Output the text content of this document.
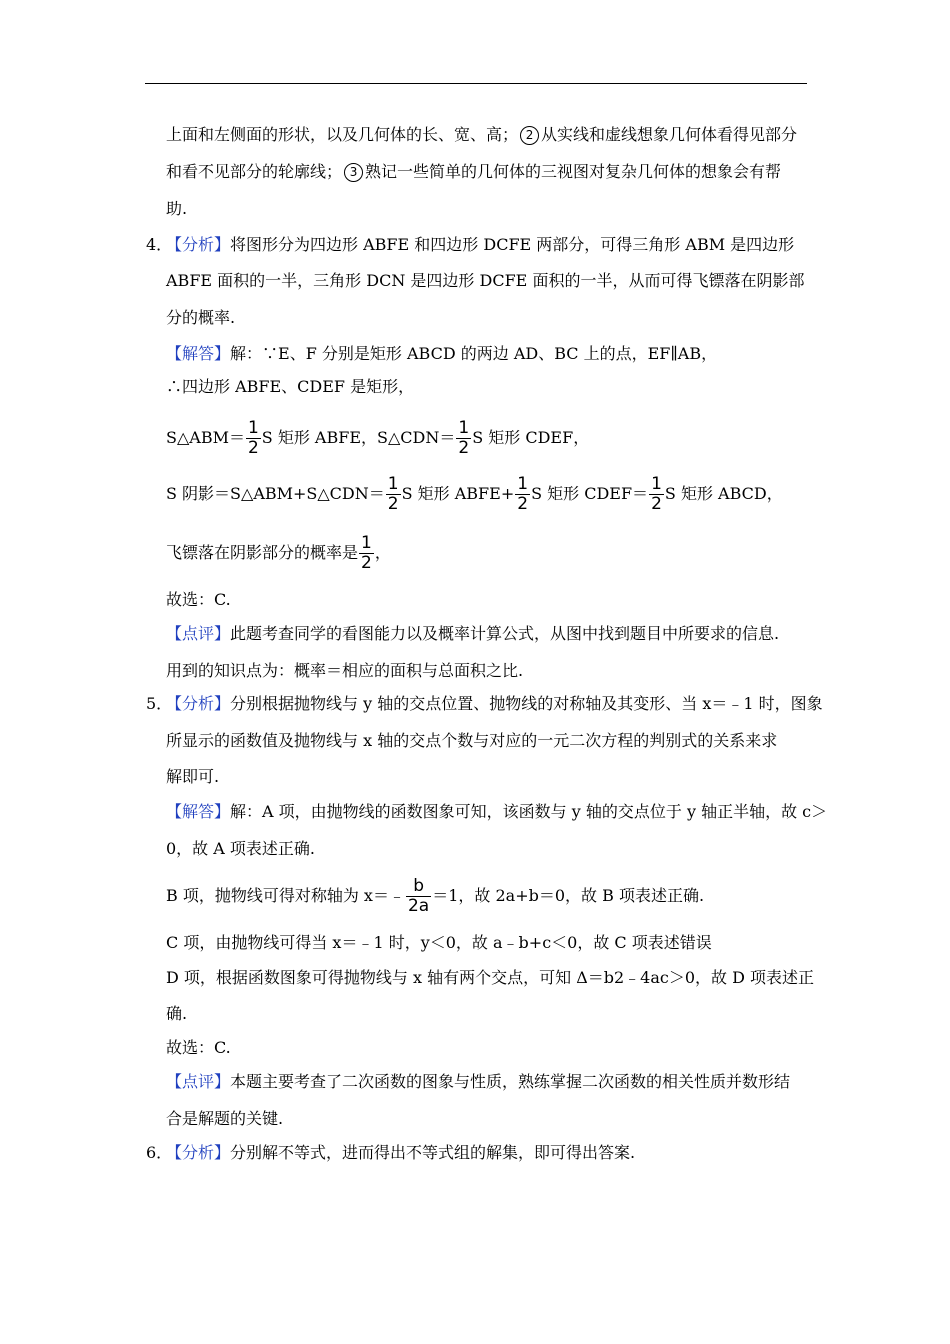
上面和左侧面的形状，以及几何体的长、宽、高； 2 从实线和虚线想象几何体看得见部分
和看不见部分的轮廓线； 3 熟记一些简单的几何体的三视图对复杂几何体的想象会有帮
助.
4．
【分析】将图形分为四边形 ABFE 和四边形 DCFE 两部分，可得三角形 ABM 是四边形
ABFE 面积的一半，三角形 DCN 是四边形 DCFE 面积的一半，从而可得飞镖落在阴影部
分的概率.
【解答】解：∵E、F 分别是矩形 ABCD 的两边 AD、BC 上的点，EF∥AB，
∴四边形 ABFE、CDEF 是矩形，
S△ABM＝ $\frac{1}{2}$ S 矩形 ABFE，S△CDN＝ $\frac{1}{2}$ S 矩形 CDEF，
S 阴影＝S△ABM+S△CDN＝ $\frac{1}{2}$ S 矩形 ABFE+ $\frac{1}{2}$ S 矩形 CDEF＝ $\frac{1}{2}$ S 矩形 ABCD，
飞镖落在阴影部分的概率是 $\frac{1}{2}$ ，
故选：C.
【点评】此题考查同学的看图能力以及概率计算公式，从图中找到题目中所要求的信息.
用到的知识点为：概率＝相应的面积与总面积之比.
5．
【分析】分别根据抛物线与 y 轴的交点位置、抛物线的对称轴及其变形、当 x＝﹣1 时，图象
所显示的函数值及抛物线与 x 轴的交点个数与对应的一元二次方程的判别式的关系来求
解即可.
【解答】解：A 项，由抛物线的函数图象可知，该函数与 y 轴的交点位于 y 轴正半轴，故 c＞
0，故 A 项表述正确.
B 项，抛物线可得对称轴为 x＝﹣ $\frac{b}{2a} =1$，故 2a+b＝0，故 B 项表述正确.
C 项，由抛物线可得当 x＝﹣1 时，y＜0，故 a﹣b+c＜0，故 C 项表述错误
D 项，根据函数图象可得抛物线与 x 轴有两个交点，可知 Δ＝b2﹣4ac＞0，故 D 项表述正
确.
故选：C.
【点评】本题主要考查了二次函数的图象与性质，熟练掌握二次函数的相关性质并数形结
合是解题的关键.
6．
【分析】分别解不等式，进而得出不等式组的解集，即可得出答案.
